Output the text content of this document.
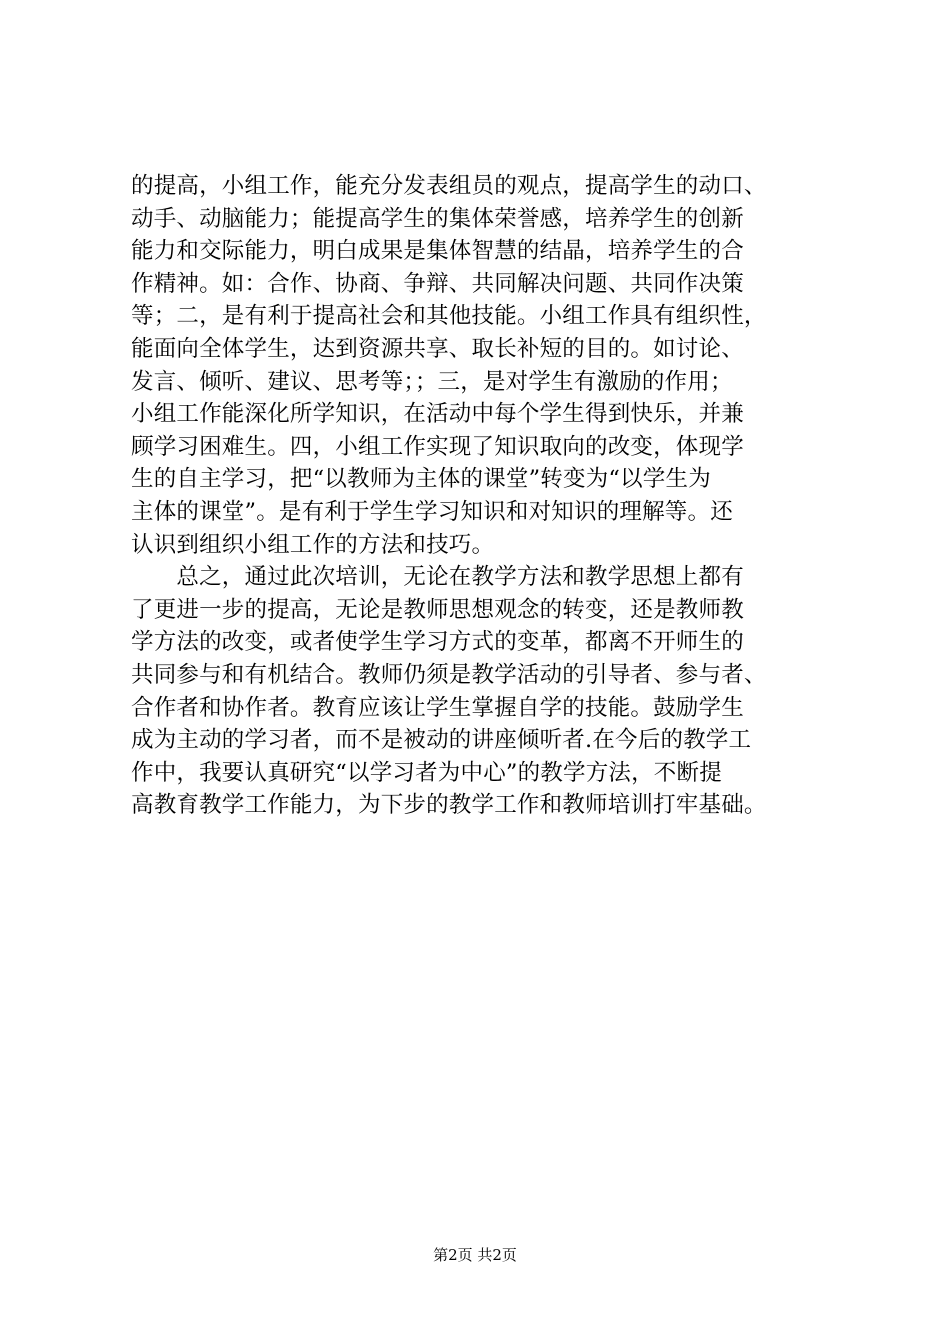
的提高，小组工作，能充分发表组员的观点，提高学生的动口、
动手、动脑能力；能提高学生的集体荣誉感，培养学生的创新
能力和交际能力，明白成果是集体智慧的结晶，培养学生的合
作精神。如：合作、协商、争辩、共同解决问题、共同作决策
等；二，是有利于提高社会和其他技能。小组工作具有组织性，
能面向全体学生，达到资源共享、取长补短的目的。如讨论、
发言、倾听、建议、思考等；；三，是对学生有激励的作用；
小组工作能深化所学知识，在活动中每个学生得到快乐，并兼
顾学习困难生。四，小组工作实现了知识取向的改变，体现学
生的自主学习，把“以教师为主体的课堂”转变为“以学生为
主体的课堂”。是有利于学生学习知识和对知识的理解等。还
认识到组织小组工作的方法和技巧。
　　总之，通过此次培训，无论在教学方法和教学思想上都有
了更进一步的提高，无论是教师思想观念的转变，还是教师教
学方法的改变，或者使学生学习方式的变革，都离不开师生的
共同参与和有机结合。教师仍须是教学活动的引导者、参与者、
合作者和协作者。教育应该让学生掌握自学的技能。鼓励学生
成为主动的学习者，而不是被动的讲座倾听者.在今后的教学工
作中，我要认真研究“以学习者为中心”的教学方法，不断提
高教育教学工作能力，为下步的教学工作和教师培训打牢基础。
第2页 共2页
